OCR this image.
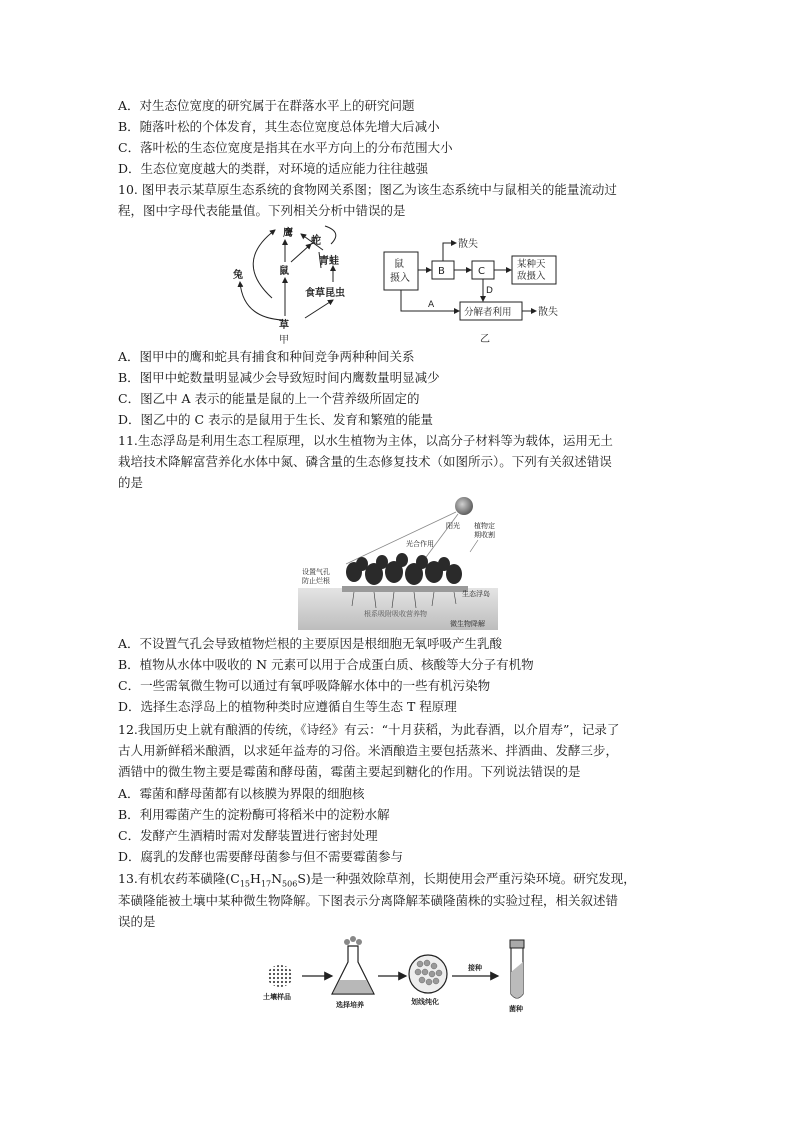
A．对生态位宽度的研究属于在群落水平上的研究问题
B．随落叶松的个体发育，其生态位宽度总体先增大后减小
C．落叶松的生态位宽度是指其在水平方向上的分布范围大小
D．生态位宽度越大的类群，对环境的适应能力往往越强
10. 图甲表示某草原生态系统的食物网关系图；图乙为该生态系统中与鼠相关的能量流动过
程，图中字母代表能量值。下列相关分析中错误的是
鹰
蛇
青蛙
兔	鼠
食草昆虫
草
甲
鼠
摄入
B	C
某种天
敌摄入
分解者利用
散失
D
A
散失
乙
A．图甲中的鹰和蛇具有捕食和种间竞争两种种间关系
B．图甲中蛇数量明显减少会导致短时间内鹰数量明显减少
C．图乙中 A 表示的能量是鼠的上一个营养级所固定的
D．图乙中的 C 表示的是鼠用于生长、发育和繁殖的能量
11.生态浮岛是利用生态工程原理，以水生植物为主体，以高分子材料等为载体，运用无土
栽培技术降解富营养化水体中氮、磷含量的生态修复技术（如图所示）。下列有关叙述错误
的是
阳光 植物定
期收割
光合作用
设置气孔
防止烂根
生态浮岛
根系吸附吸收营养物
微生物降解
A．不设置气孔会导致植物烂根的主要原因是根细胞无氧呼吸产生乳酸
B．植物从水体中吸收的 N 元素可以用于合成蛋白质、核酸等大分子有机物
C．一些需氧微生物可以通过有氧呼吸降解水体中的一些有机污染物
D．选择生态浮岛上的植物种类时应遵循自生等生态 T 程原理
12.我国历史上就有酿酒的传统，《诗经》有云：“十月获稻，为此春酒，以介眉寿”，记录了
古人用新鲜稻米酿酒，以求延年益寿的习俗。米酒酿造主要包括蒸米、拌酒曲、发酵三步，
酒错中的微生物主要是霉菌和酵母菌，霉菌主要起到糖化的作用。下列说法错误的是
A．霉菌和酵母菌都有以核膜为界限的细胞核
B．利用霉菌产生的淀粉酶可将稻米中的淀粉水解
C．发酵产生酒精时需对发酵装置进行密封处理
D．腐乳的发酵也需要酵母菌参与但不需要霉菌参与
13.有机农药苯磺隆$(C_{15}H_{17}N_{506}S)$是一种强效除草剂，长期使用会严重污染环境。研究发现，
苯磺隆能被土壤中某种微生物降解。下图表示分离降解苯磺隆菌株的实验过程，相关叙述错
误的是
土壤样品
选择培养	划线纯化
接种
菌种
